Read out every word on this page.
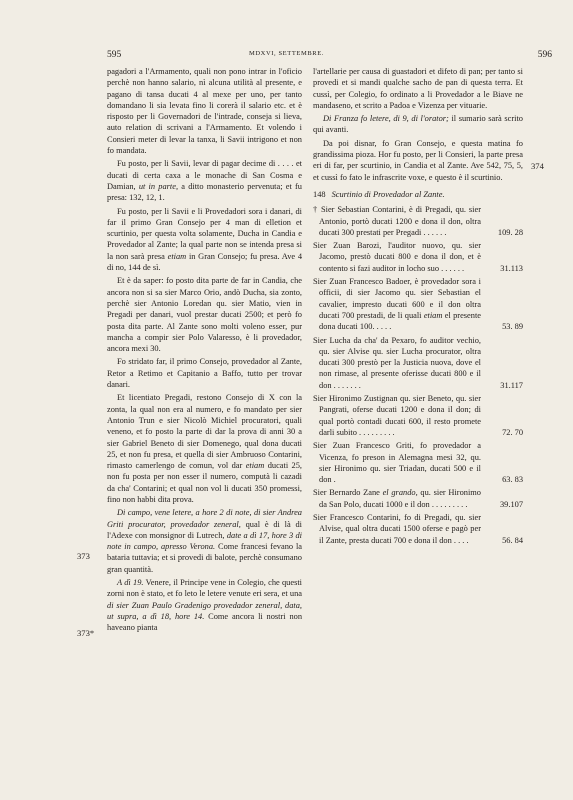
595	MDXVI, SETTEMBRE.	596

pagadori a l'Armamento, quali non pono intrar in l'oficio perchè non hanno salario, nì alcuna utilità al presente, e pagano di tansa ducati 4 al mexe per uno, per tanto domandano li sia levata fino li corerà il salario etc. et è risposto per li Governadori de l'intrade, conseja si lieva, auto relation di scrivani a l'Armamento. Et volendo i Consieri meter di levar la tanxa, li Savii intrigono et non fo mandata.

Fu posto, per li Savii, levar di pagar decime di . . . . et ducati di certa caxa a le monache di San Cosma e Damian, ut in parte, a ditto monasterio pervenuta; et fu presa: 132, 12, 1.

Fu posto, per li Savii e li Provedadori sora i danari, di far il primo Gran Consejo per 4 man di elletion et scurtinio, per questa volta solamente, Ducha in Candia e Provedador al Zante; la qual parte non se intenda presa si la non sarà presa etiam in Gran Consejo; fu presa. Ave 4 di no, 144 de sì.

Et è da saper: fo posto dita parte de far in Candia, che ancora non si sa sier Marco Orio, andò Ducha, sia zonto, perchè sier Antonio Loredan qu. sier Matio, vien in Pregadi per danari, vuol prestar ducati 2500; et però fo posta dita parte. Al Zante sono molti voleno esser, pur mancha a compir sier Polo Valaresso, è li provedador, ancora mexi 30.

Fo stridato far, il primo Consejo, provedador al Zante, Retor a Retimo et Capitanio a Baffo, tutto per trovar danari.

Et licentiato Pregadi, restono Consejo di X con la zonta, la qual non era al numero, e fo mandato per sier Antonio Trun e sier Nicolò Michiel procuratori, quali veneno, et fo posto la parte di dar la prova di anni 30 a sier Gabriel Beneto di sier Domenego, qual dona ducati 25, et non fu presa, et quella di sier Ambruoso Contarini, rimasto camerlengo de comun, vol dar etiam ducati 25, non fu posta per non esser il numero, computà li cazadi da cha' Contarini; et qual non vol li ducati 350 promessi, fino non habbi dita prova.

Di campo, vene letere, a hore 2 di note, di sier Andrea Griti procurator, provedador zeneral, qual è di là di l'Adexe con monsignor di Lutrech, date a dì 17, hore 3 di note in campo, apresso Verona. Come francesi fevano la bataria tuttavia; et si provedi di balote, perchè consumano gran quantità.

A dì 19. Venere, il Principe vene in Colegio, che questi zorni non è stato, et fo leto le letere venute eri sera, et una di sier Zuan Paulo Gradenigo provedador zeneral, data, ut supra, a dì 18, hore 14. Come ancora li nostri non haveano pianta

373
373*
374

l'artellarie per causa di guastadori et difeto di pan; per tanto si provedi et si mandi qualche sacho de pan di questa terra. Et cussì, per Colegio, fo ordinato a li Provedador a le Biave ne mandaseno, et scrito a Padoa e Vizenza per vituarie.

Di Franza fo letere, di 9, di l'orator; il sumario sarà scrito qui avanti.

Da poi disnar, fo Gran Consejo, e questa matina fo grandissima pioza. Hor fu posto, per li Consieri, la parte presa eri di far, per scurtinio, in Candia et al Zante. Ave 542, 75, 5, et cussì fo fato le infrascrite voxe, e questo è il scurtinio.

148 Scurtinio di Provedador al Zante.
† Sier Sebastian Contarini, è di Pregadi, qu. sier Antonio, portò ducati 1200 e dona il don, oltra ducati 300 prestati per Pregadi . . . . . .	109. 28
Sier Zuan Barozi, l'auditor nuovo, qu. sier Jacomo, prestò ducati 800 e dona il don, et è contento si fazi auditor in locho suo . . . . . .	31.113
Sier Zuan Francesco Badoer, è provedador sora i officii, di sier Jacomo qu. sier Sebastian el cavalier, impresto ducati 600 e il don oltra ducati 700 prestadi, de li quali etiam el presente dona ducati 100. . . . .	53. 89
Sier Lucha da cha' da Pexaro, fo auditor vechio, qu. sier Alvise qu. sier Lucha procurator, oltra ducati 300 prestò per la Justicia nuova, dove el non rimase, al presente oferisse ducati 800 e il don . . . . . . .	31.117
Sier Hironimo Zustignan qu. sier Beneto, qu. sier Pangrati, oferse ducati 1200 e dona il don; di qual portò contadi ducati 600, il resto promete darli subito . . . . . . . . .	72. 70
Sier Zuan Francesco Griti, fo provedador a Vicenza, fo preson in Alemagna mesi 32, qu. sier Hironimo qu. sier Triadan, ducati 500 e il don .	63. 83
Sier Bernardo Zane el grando, qu. sier Hironimo da San Polo, ducati 1000 e il don . . . . . . . . .	39.107
Sier Francesco Contarini, fo di Pregadi, qu. sier Alvise, qual oltra ducati 1500 oferse e pagò per il Zante, presta ducati 700 e dona il don . . . .	56. 84
